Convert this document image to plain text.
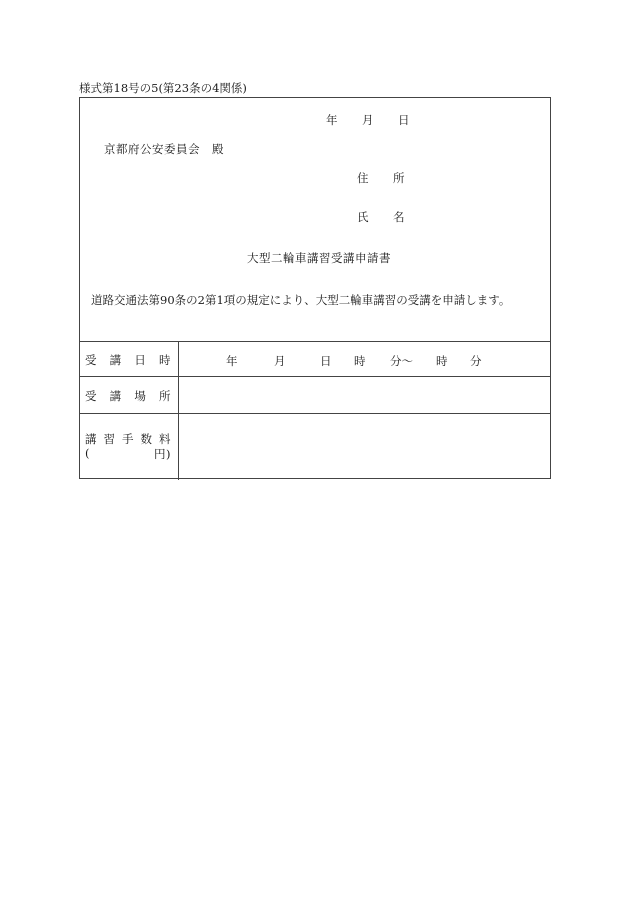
様式第18号の5(第23条の4関係)
年　　月　　日
京都府公安委員会　殿
住　　所
氏　　名
大型二輪車講習受講申請書
道路交通法第90条の2第1項の規定により、大型二輪車講習の受講を申請します。
受 講 日 時	年	月	日 時 分〜 時 分
受 講 場 所
講 習 手 数 料
(	円)
